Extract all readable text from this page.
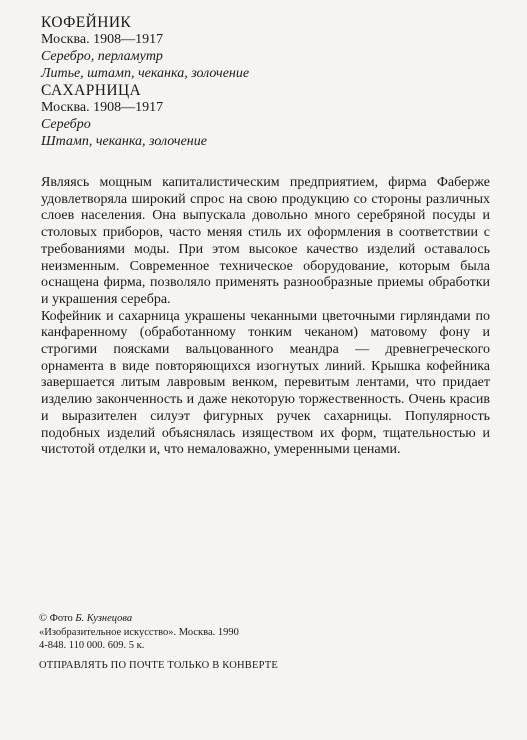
КОФЕЙНИК
Москва. 1908—1917
Серебро, перламутр
Литье, штамп, чеканка, золочение
САХАРНИЦА
Москва. 1908—1917
Серебро
Штамп, чеканка, золочение

Являясь мощным капиталистическим предприятием, фирма Фаберже удовлетворяла широкий спрос на свою продукцию со стороны различных слоев населения. Она выпускала довольно много серебряной посуды и столовых приборов, часто меняя стиль их оформления в соответствии с требованиями моды. При этом высокое качество изделий оставалось неизменным. Современное техническое оборудование, которым была оснащена фирма, позволяло применять разнообразные приемы обработки и украшения серебра.

Кофейник и сахарница украшены чеканными цветочными гирляндами по канфаренному (обработанному тонким чеканом) матовому фону и строгими поясками вальцованного меандра — древнегреческого орнамента в виде повторяющихся изогнутых линий. Крышка кофейника завершается литым лавровым венком, перевитым лентами, что придает изделию законченность и даже некоторую торжественность. Очень красив и выразителен силуэт фигурных ручек сахарницы. Популярность подобных изделий объяснялась изяществом их форм, тщательностью и чистотой отделки и, что немаловажно, умеренными ценами.

© Фото Б. Кузнецова
«Изобразительное искусство». Москва. 1990
4-848. 110 000. 609. 5 к.
ОТПРАВЛЯТЬ ПО ПОЧТЕ ТОЛЬКО В КОНВЕРТЕ
